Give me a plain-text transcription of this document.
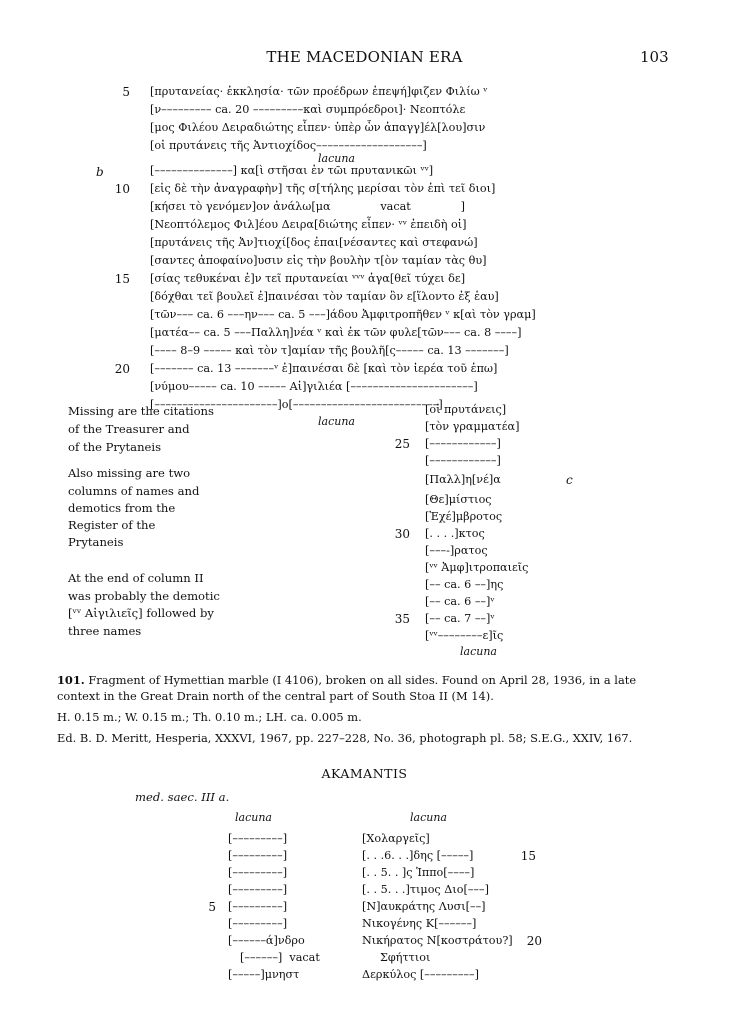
THE MACEDONIAN ERA	103
5 [πρυτανείας· ἐκκλησία· τῶν προέδρων ἐπεψή]φιζεν Φιλίω ᵛ
[ν––––––––– ca. 20 –––––––––καὶ συμπρόεδροι]· Νεοπτόλε
[μος Φιλέου Δειραδιώτης εἶπεν· ὑπὲρ ὧν ἀπαγγ]έλ[λου]σιν
[οἱ πρυτάνεις τῆς Ἀντιοχίδος–––––––––––––––––––]
[––––––––––––––] κα[ὶ στῆσαι ἐν τῶι πρυτανικῶι ᵛᵛ]
10 [εἰς δὲ τὴν ἀναγραφὴν] τῆς σ[τήλης μερίσαι τὸν ἐπὶ τεῖ διοι]
[κήσει τὸ γενόμεν]ον ἀνάλω[μα              vacat              ]
[Νεοπτόλεμος Φιλ]έου Δειρα[διώτης εἶπεν· ᵛᵛ ἐπειδὴ οἱ]
[πρυτάνεις τῆς Ἀν]τιοχί[δος ἐπαι[νέσαντες καὶ στεφανώ]
[σαντες ἀποφαίνο]υσιν εἰς τὴν βουλὴν τ[ὸν ταμίαν τὰς θυ]
15 [σίας τεθυκέναι ἐ]ν τεῖ πρυτανείαι ᵛᵛᵛ ἀγα[θεῖ τύχει δε]
[δόχθαι τεῖ βουλεῖ ἐ]παινέσαι τὸν ταμίαν ὃν ε[ἵλοντο ἐξ ἑαυ]
[τῶν––– ca. 6 –––ην––– ca. 5 –––]άδου Ἀμφιτροπῆθεν ᵛ κ[αὶ τὸν γραμ]
[ματέα–– ca. 5 –––Παλλη]νέα ᵛ καὶ ἐκ τῶν φυλε[τῶν––– ca. 8 ––––]
[–––– 8–9 ––––– καὶ τὸν τ]αμίαν τῆς βουλῆ[ς––––– ca. 13 –––––––]
20 [––––––– ca. 13 –––––––ᵛ ἐ]παινέσαι δὲ [καὶ τὸν ἱερέα τοῦ ἐπω]
[νύμου––––– ca. 10 ––––– Αἰ]γιλιέα [––––––––––––––––––––––]
[––––––––––––––––––––––]ο[––––––––––––––––––––––––––]
lacuna
b
lacuna
Missing are the citations
of the Treasurer and
of the Prytaneis
Also missing are two
columns of names and
demotics from the
Register of the
Prytaneis
At the end of column II
was probably the demotic
[ᵛᵛ Αἰγιλιεῖς] followed by
three names
[οἱ πρυτάνεις]
[τὸν γραμματέα]
25 [––––––––––––]
[––––––––––––]
[Παλλ]η[νέ]α
[Θε]μίστιος
[Ἐχέ]μβροτος
30 [. . . .]κτος
[–––-]ρατος
[ᵛᵛ Ἀμφ]ιτροπαιεῖς
[–– ca. 6 ––]ης
[–– ca. 6 ––]ᵛ
35 [–– ca. 7 ––]ᵛ
[ᵛᵛ––––––––ε]ῖς
c
lacuna
101. Fragment of Hymettian marble (I 4106), broken on all sides. Found on April 28, 1936, in a late context in the Great Drain north of the central part of South Stoa II (M 14).
H. 0.15 m.; W. 0.15 m.; Th. 0.10 m.; LH. ca. 0.005 m.
Ed. B. D. Meritt, Hesperia, XXXVI, 1967, pp. 227–228, No. 36, photograph pl. 58; S.E.G., XXIV, 167.
AKAMANTIS
med. saec. III a.
lacuna	lacuna
[–––––––––]
[–––––––––]
[–––––––––]
[–––––––––]
[–––––––––]
[–––––––––]
[––––––ά]νδρο
[––––––]  vacat
[–––––]μνηστ
[Χολαργεῖς]
[. . .6. . .]δης [–––––]
[. . 5. . ]ς Ἱππο[––––]
[. . 5. . .]τιμος Διο[–––]
[Ν]αυκράτης Λυσι[––]
Νικογένης Κ[––––––]
Νικήρατος Ν[κοστράτου?]
Σφήττιοι
Δερκύλος [–––––––––]
5
15
20
